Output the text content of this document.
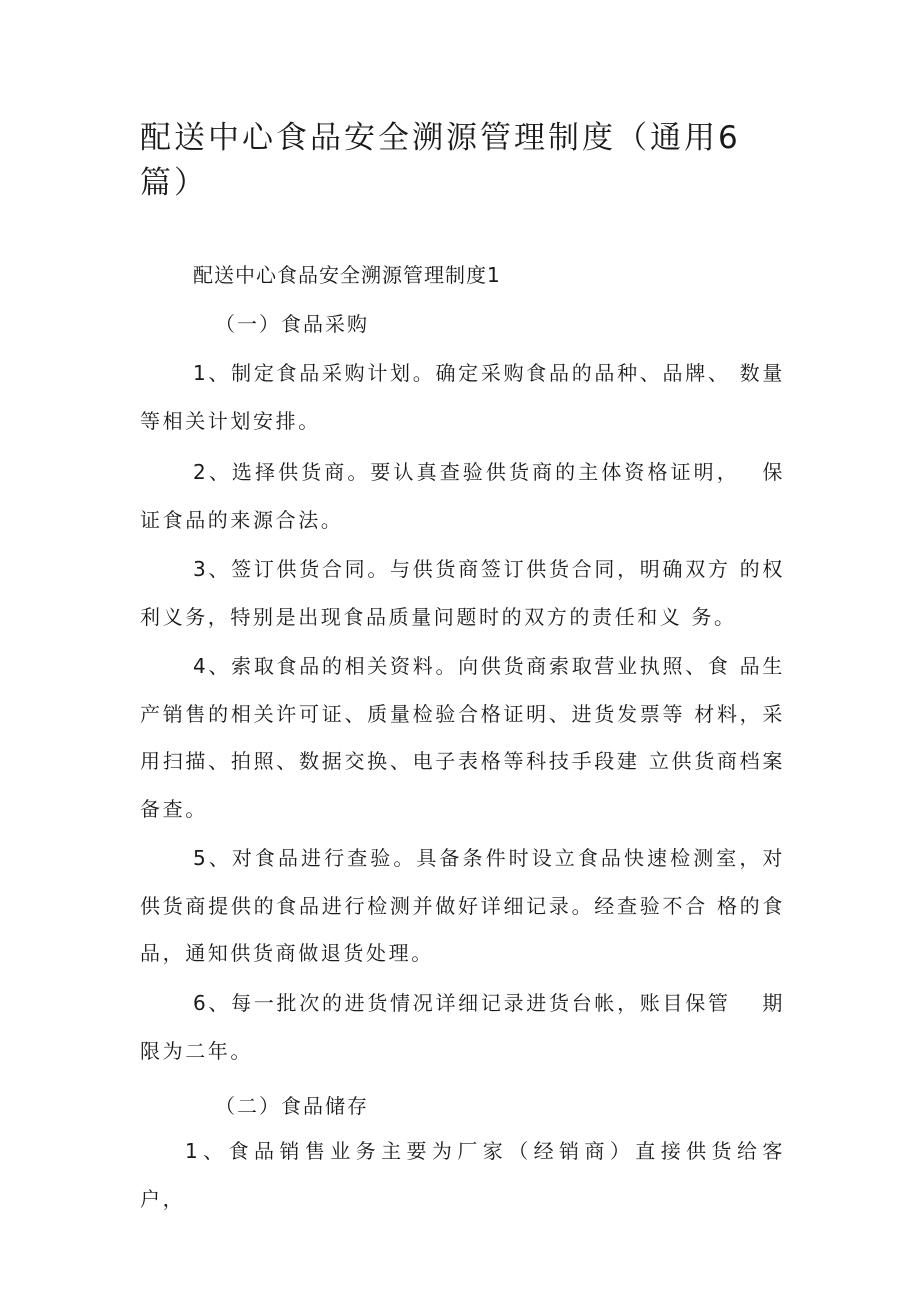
配送中心食品安全溯源管理制度（通用6篇）

配送中心食品安全溯源管理制度1

（一）食品采购

1、制定食品采购计划。确定采购食品的品种、品牌、 数量等相关计划安排。

2、选择供货商。要认真查验供货商的主体资格证明，　 保证食品的来源合法。

3、签订供货合同。与供货商签订供货合同，明确双方 的权利义务，特别是出现食品质量问题时的双方的责任和义 务。

4、索取食品的相关资料。向供货商索取营业执照、食 品生产销售的相关许可证、质量检验合格证明、进货发票等 材料，采用扫描、拍照、数据交换、电子表格等科技手段建 立供货商档案备查。

5、对食品进行查验。具备条件时设立食品快速检测室，对供货商提供的食品进行检测并做好详细记录。经查验不合 格的食品，通知供货商做退货处理。

6、每一批次的进货情况详细记录进货台帐，账目保管　 期限为二年。

（二）食品储存

1、食品销售业务主要为厂家（经销商）直接供货给客　户，
